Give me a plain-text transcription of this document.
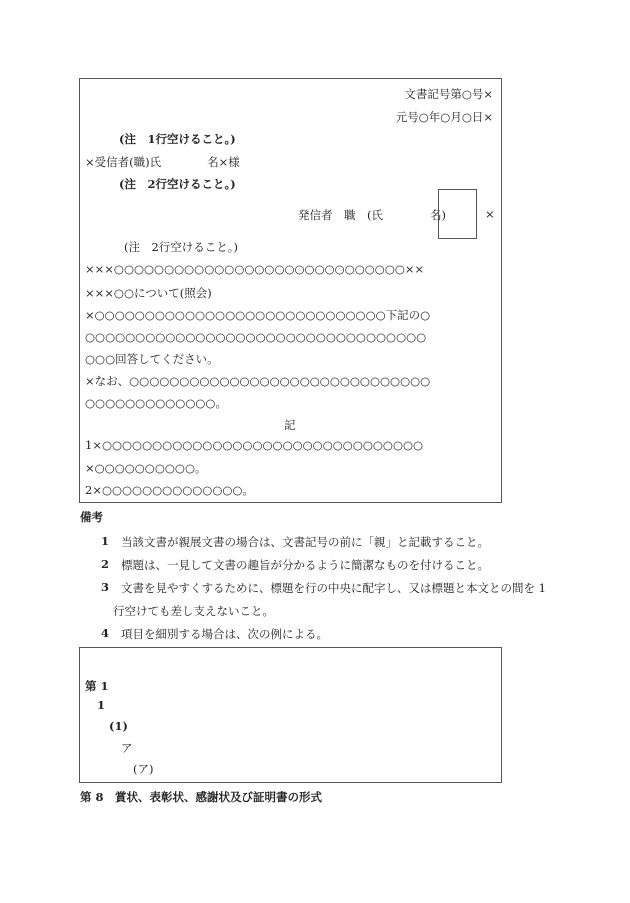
文書記号第○号×
元号○年○月○日×
(注　1行空けること。)
×受信者(職)氏　　　　名×様
(注　2行空けること。)
発信者　職　(氏	名)	×
(注　2行空けること。)
×××○○○○○○○○○○○○○○○○○○○○○○○○○○○○○××
×××○○について(照会)
×○○○○○○○○○○○○○○○○○○○○○○○○○○○○○下記の○
○○○○○○○○○○○○○○○○○○○○○○○○○○○○○○○○○○
○○○回答してください。
×なお、○○○○○○○○○○○○○○○○○○○○○○○○○○○○○○
○○○○○○○○○○○○○。
記
1×○○○○○○○○○○○○○○○○○○○○○○○○○○○○○○○○
×○○○○○○○○○○。
2×○○○○○○○○○○○○○○。
備考
1 当該文書が親展文書の場合は、文書記号の前に「親」と記載すること。
2 標題は、一見して文書の趣旨が分かるように簡潔なものを付けること。
3 文書を見やすくするために、標題を行の中央に配字し、又は標題と本文との間を 1
行空けても差し支えないこと。
4 項目を細別する場合は、次の例による。
第 1
1
(1)
ア
(ア)
第 8　賞状、表彰状、感謝状及び証明書の形式
